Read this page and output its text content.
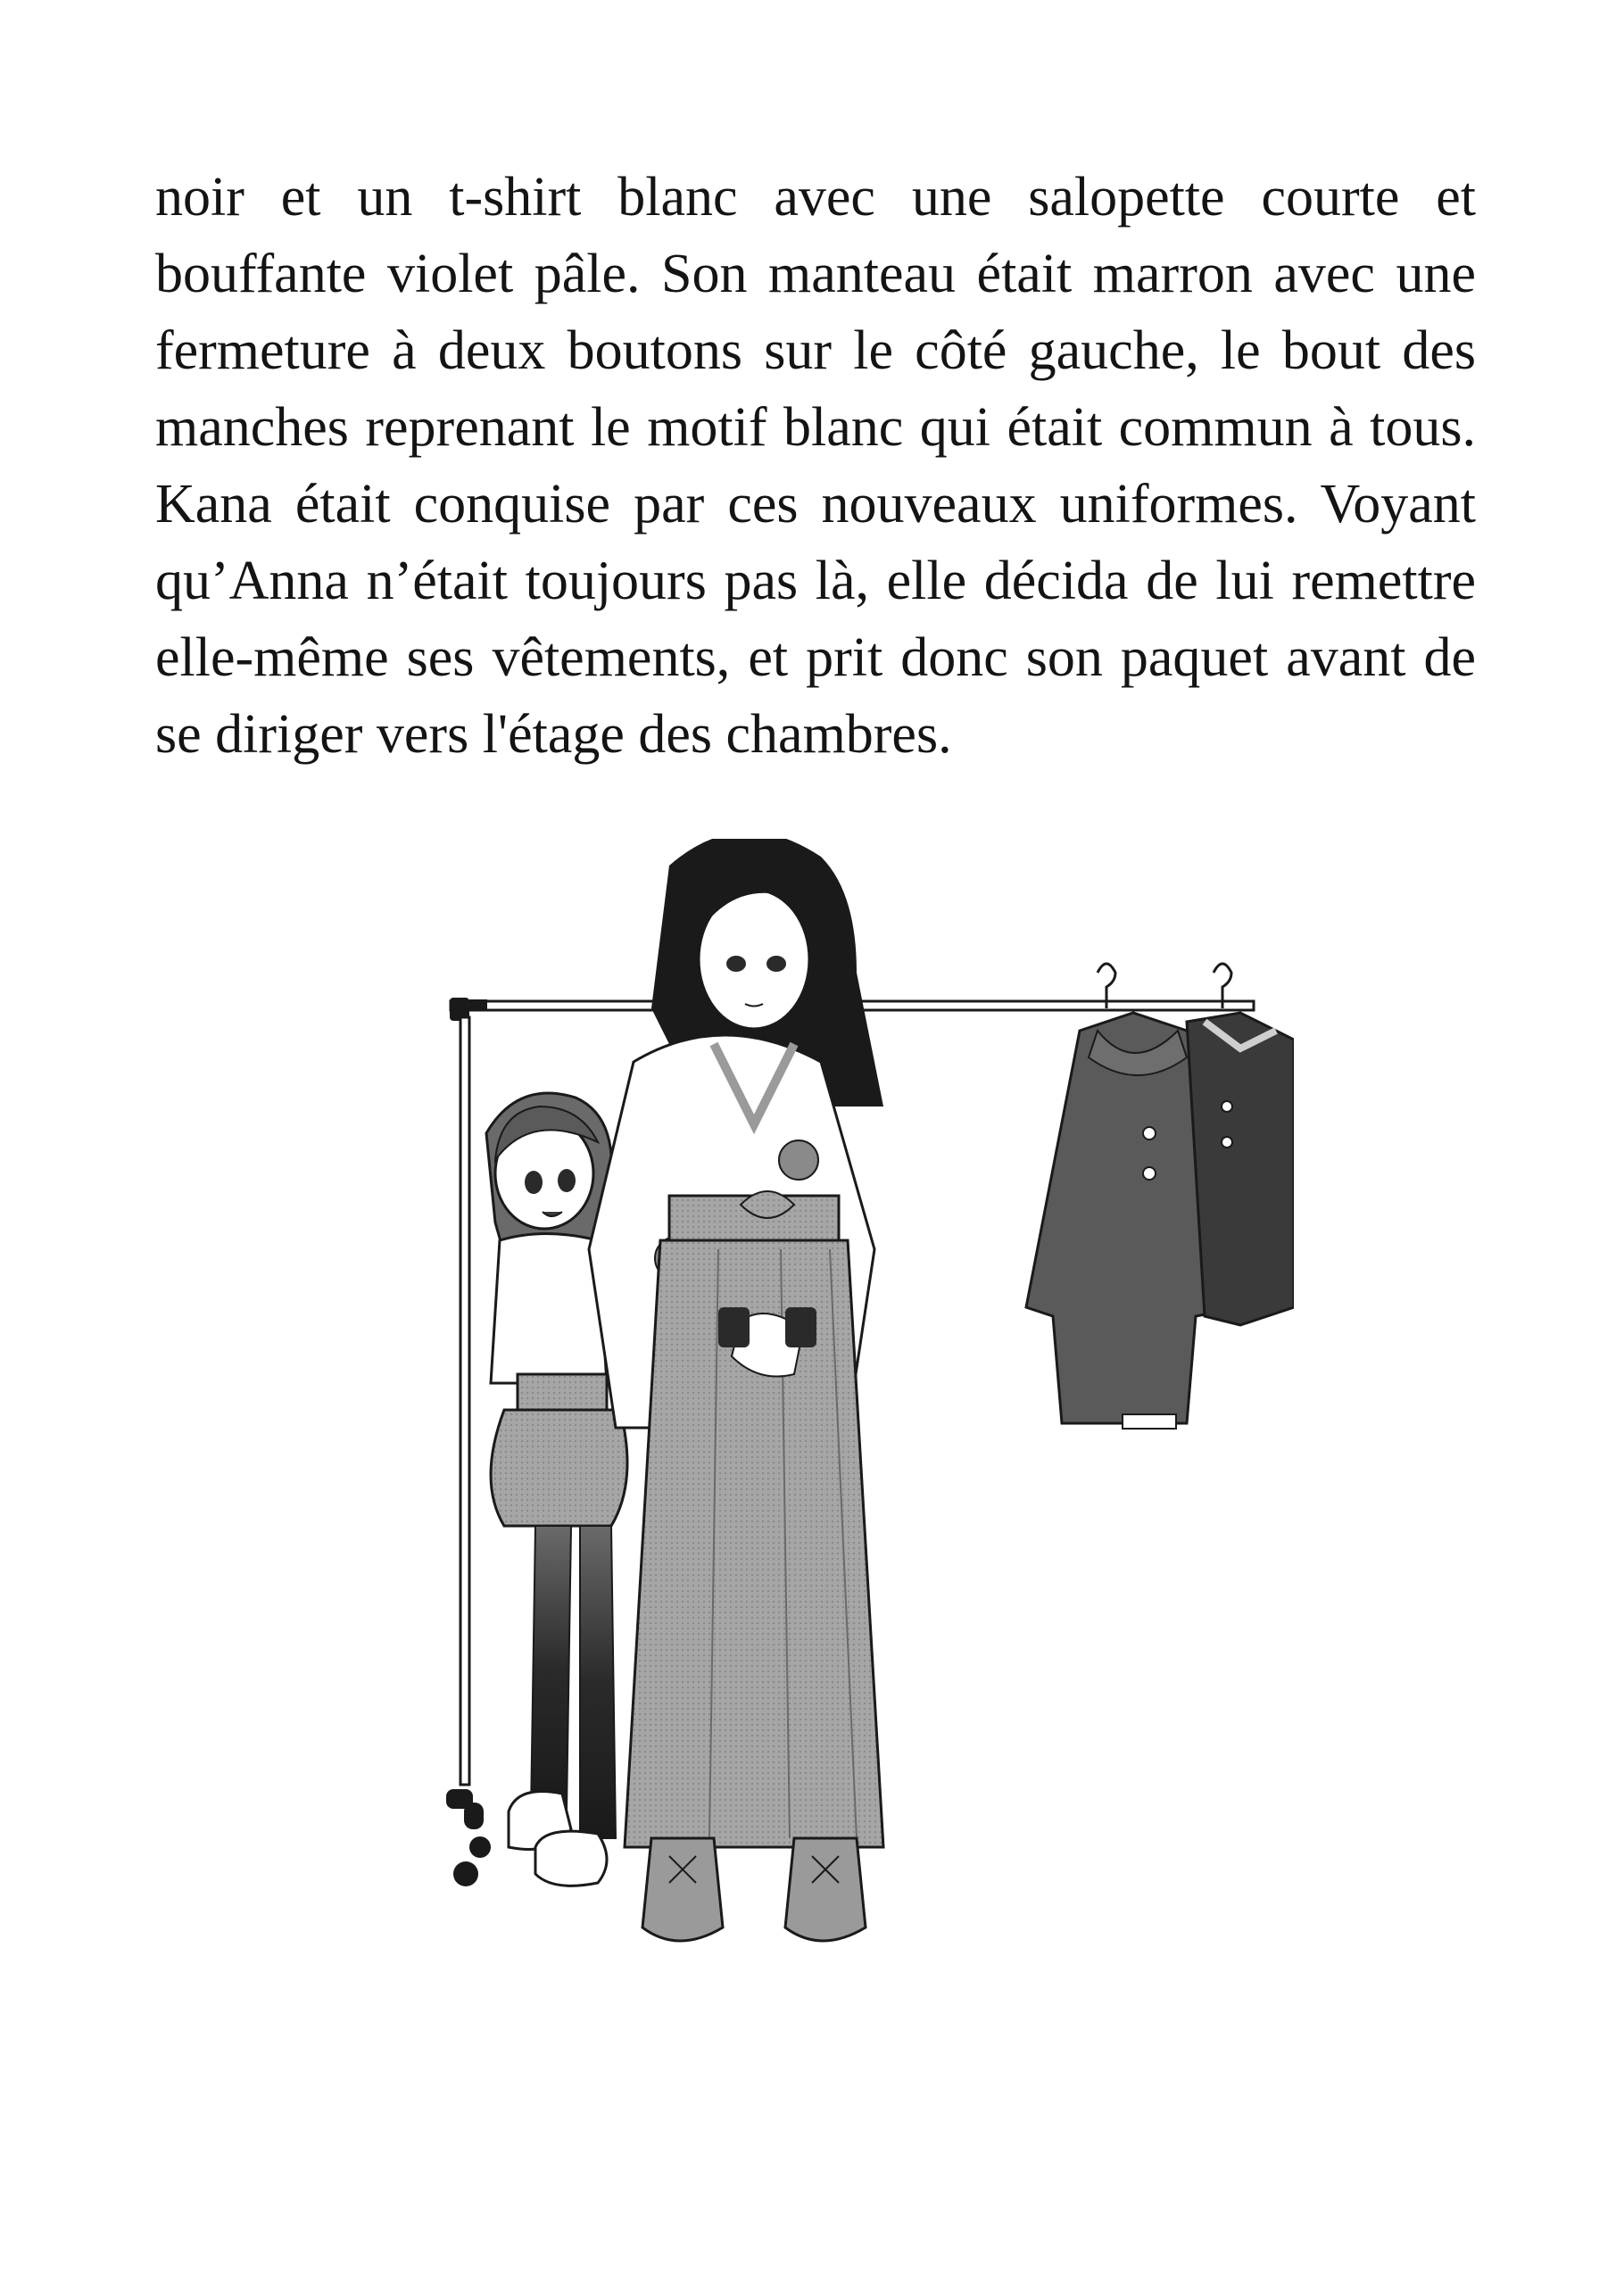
noir et un t-shirt blanc avec une salopette courte et bouffante violet pâle. Son manteau était marron avec une fermeture à deux boutons sur le côté gauche, le bout des manches reprenant le motif blanc qui était commun à tous. Kana était conquise par ces nouveaux uniformes. Voyant qu’Anna n’était toujours pas là, elle décida de lui remettre elle-même ses vêtements, et prit donc son paquet avant de se diriger vers l'étage des chambres.
